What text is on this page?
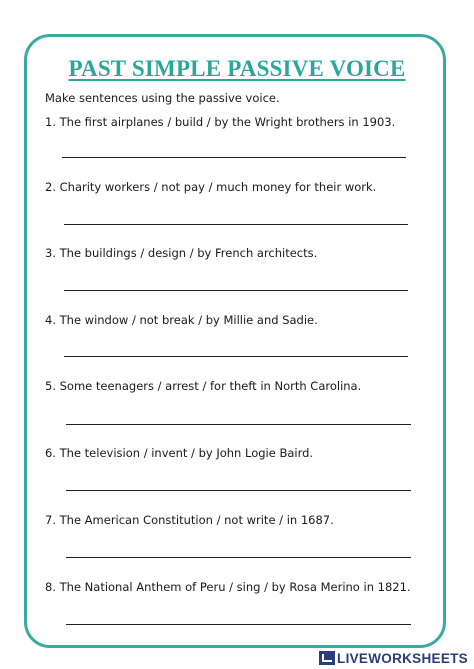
PAST SIMPLE PASSIVE VOICE
Make sentences using the passive voice.
1. The first airplanes / build / by the Wright brothers in 1903.
2. Charity workers / not pay / much money for their work.
3. The buildings / design / by French architects.
4. The window / not break / by Millie and Sadie.
5. Some teenagers / arrest / for theft in North Carolina.
6. The television / invent / by John Logie Baird.
7. The American Constitution / not write / in 1687.
8. The National Anthem of Peru / sing / by Rosa Merino in 1821.
LIVEWORKSHEETS
